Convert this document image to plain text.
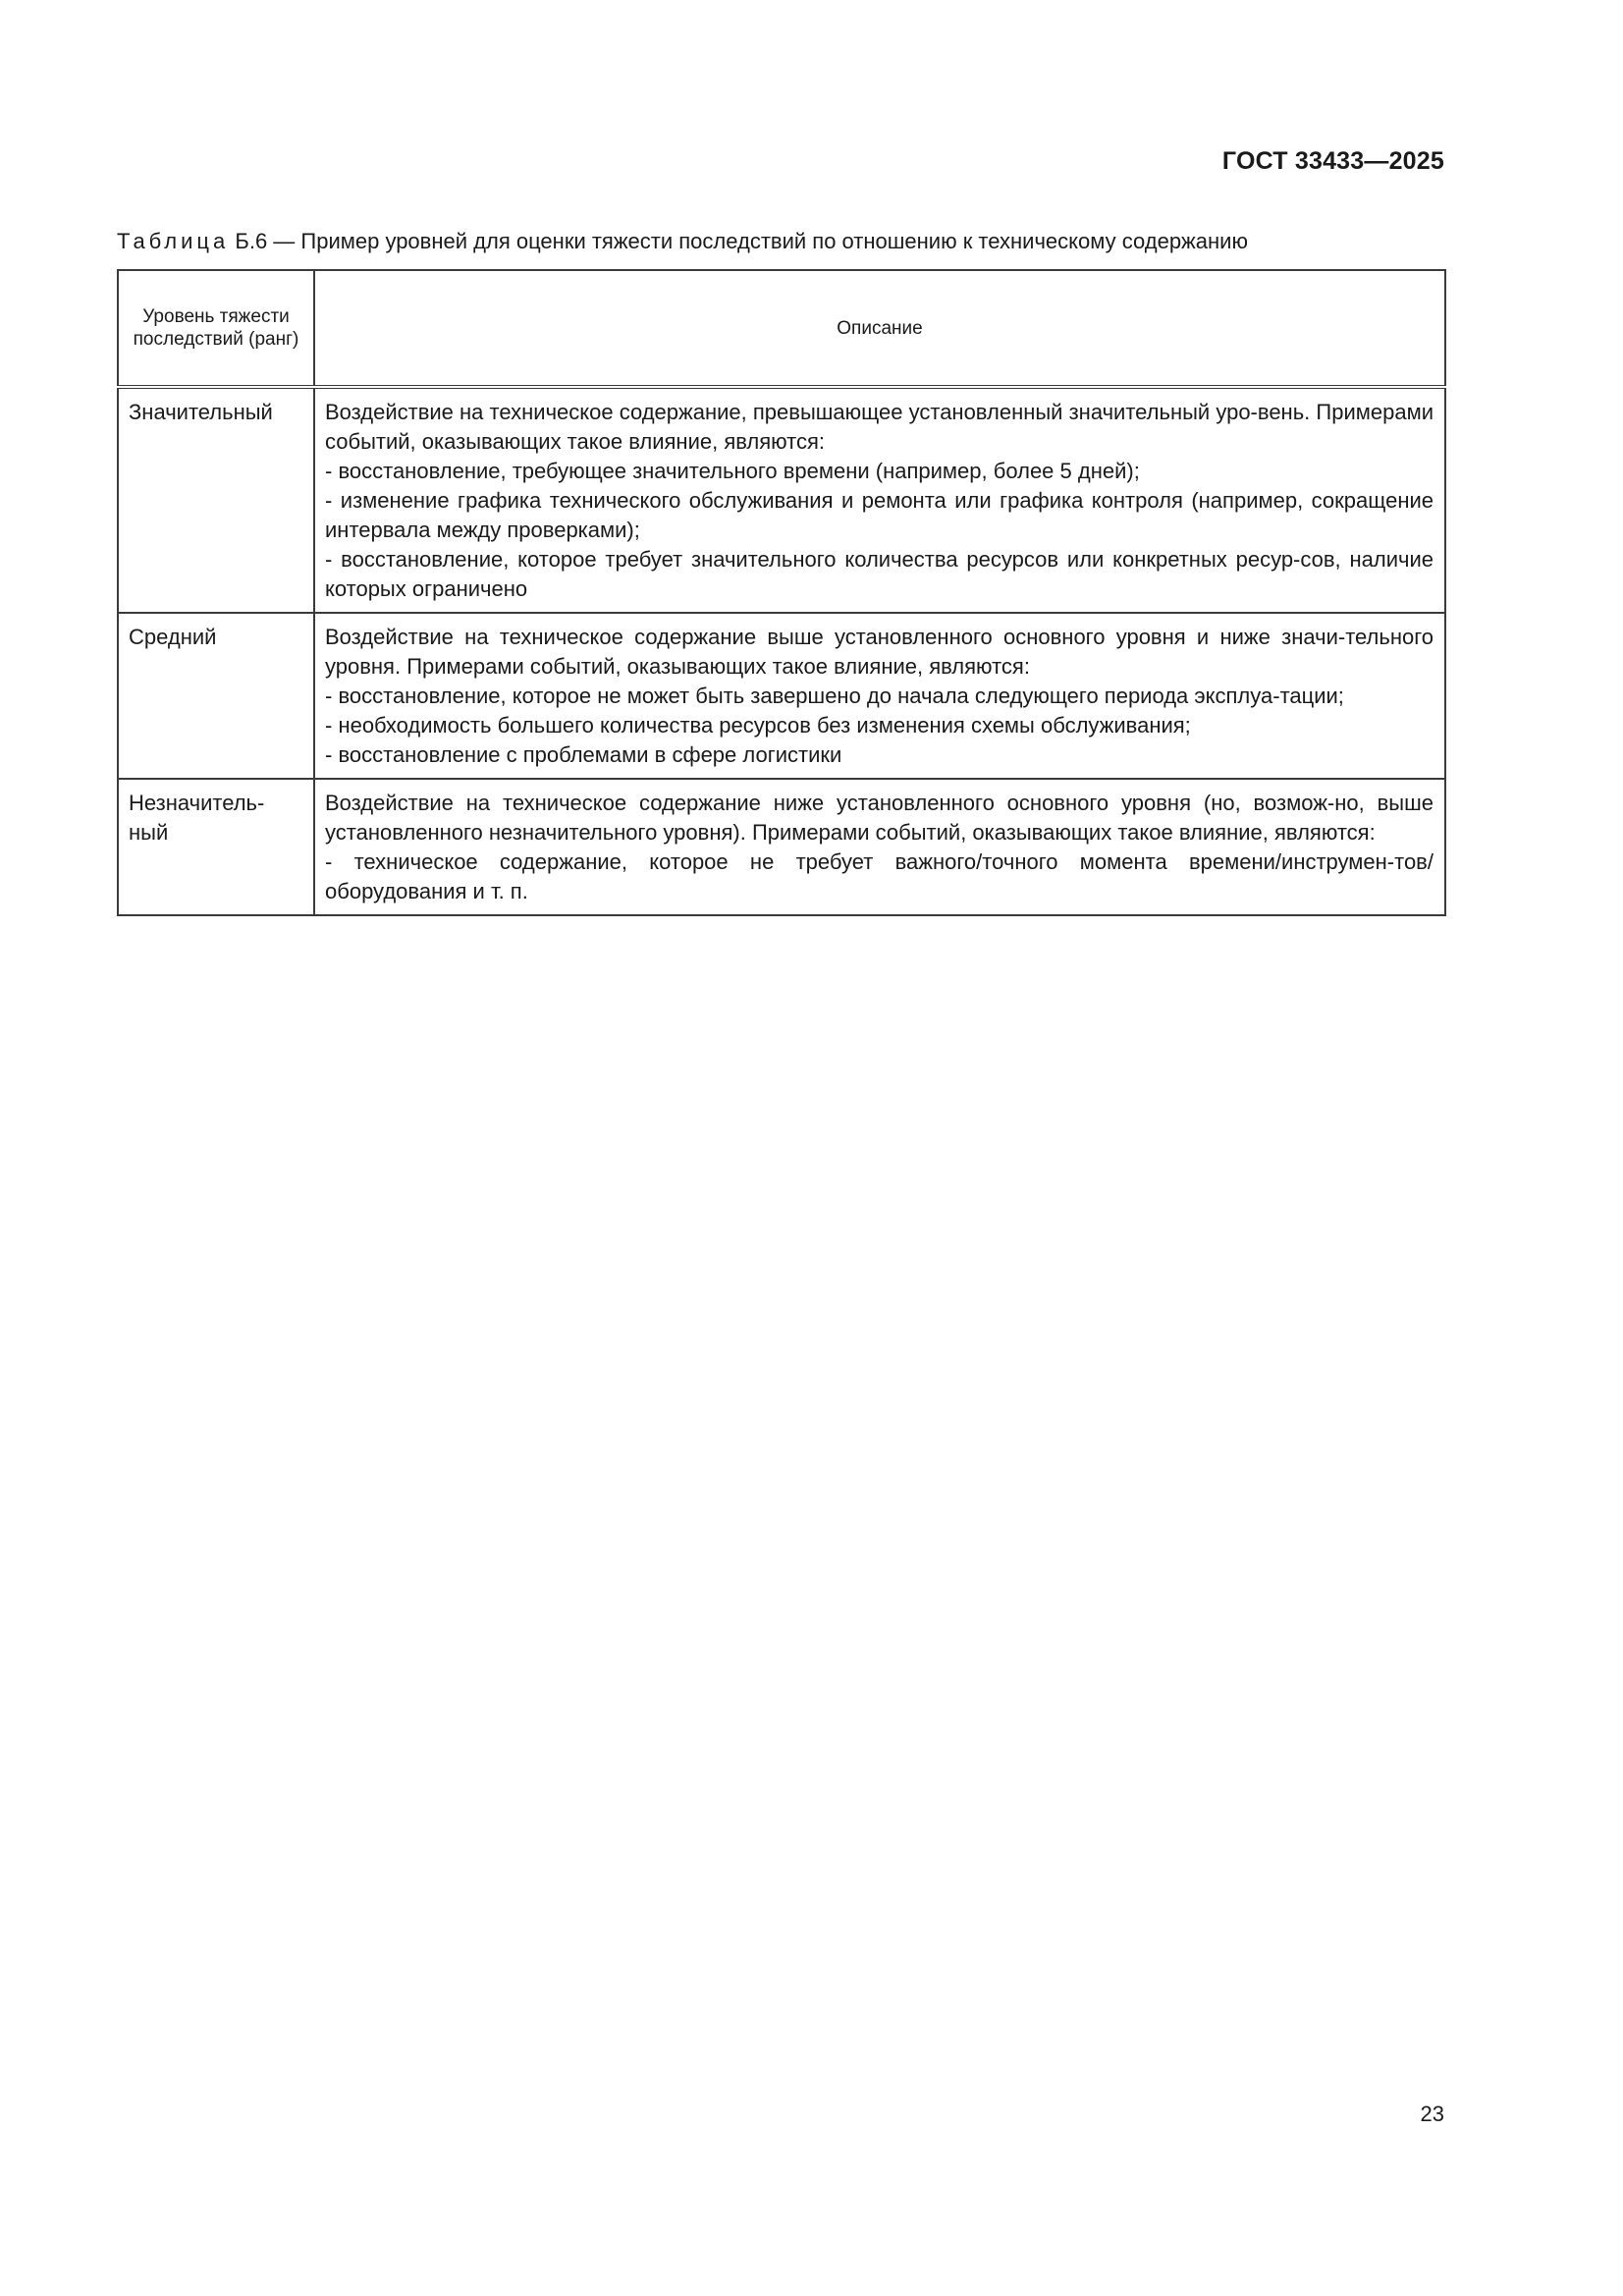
ГОСТ 33433—2025
Таблица Б.6 — Пример уровней для оценки тяжести последствий по отношению к техническому содержанию
Уровень тяжести последствий (ранг)	Описание
Значительный	Воздействие на техническое содержание, превышающее установленный значительный уро-вень. Примерами событий, оказывающих такое влияние, являются:
- восстановление, требующее значительного времени (например, более 5 дней);
- изменение графика технического обслуживания и ремонта или графика контроля (например, сокращение интервала между проверками);
- восстановление, которое требует значительного количества ресурсов или конкретных ресур-сов, наличие которых ограничено

Средний	Воздействие на техническое содержание выше установленного основного уровня и ниже значи-тельного уровня. Примерами событий, оказывающих такое влияние, являются:
- восстановление, которое не может быть завершено до начала следующего периода эксплуа-тации;
- необходимость большего количества ресурсов без изменения схемы обслуживания;
- восстановление с проблемами в сфере логистики

Незначитель-ный	Воздействие на техническое содержание ниже установленного основного уровня (но, возмож-но, выше установленного незначительного уровня). Примерами событий, оказывающих такое влияние, являются:
- техническое содержание, которое не требует важного/точного момента времени/инструмен-тов/оборудования и т. п.
23
